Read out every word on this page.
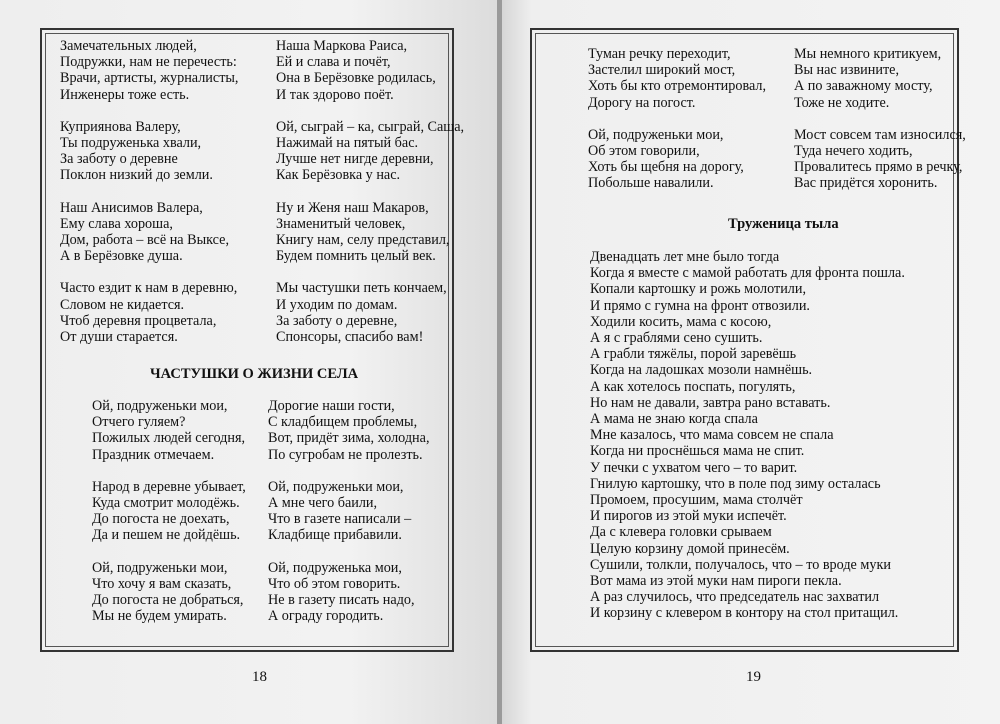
Замечательных людей,
Подружки, нам не перечесть:
Врачи, артисты, журналисты,
Инженеры тоже есть.
Куприянова Валеру,
Ты подруженька хвали,
За заботу о деревне
Поклон низкий до земли.
Наш Анисимов Валера,
Ему слава хороша,
Дом, работа – всё на Выксе,
А в Берёзовке душа.
Часто ездит к нам в деревню,
Словом не кидается.
Чтоб деревня процветала,
От души старается.
Наша Маркова Раиса,
Ей и слава и почёт,
Она в Берёзовке родилась,
И так здорово поёт.
Ой, сыграй – ка, сыграй, Саша,
Нажимай на пятый бас.
Лучше нет нигде деревни,
Как Берёзовка у нас.
Ну и Женя наш Макаров,
Знаменитый человек,
Книгу нам, селу представил,
Будем помнить целый век.
Мы частушки петь кончаем,
И уходим по домам.
За заботу о деревне,
Спонсоры, спасибо вам!
ЧАСТУШКИ О ЖИЗНИ СЕЛА
Ой, подруженьки мои,
Отчего гуляем?
Пожилых людей сегодня,
Праздник отмечаем.
Народ в деревне убывает,
Куда смотрит молодёжь.
До погоста не доехать,
Да и пешем не дойдёшь.
Ой, подруженьки мои,
Что хочу я вам сказать,
До погоста не добраться,
Мы не будем умирать.
Дорогие наши гости,
С кладбищем проблемы,
Вот, придёт зима, холодна,
По сугробам не пролезть.
Ой, подруженьки мои,
А мне чего баили,
Что в газете написали –
Кладбище прибавили.
Ой, подруженька мои,
Что об этом говорить.
Не в газету писать надо,
А ограду городить.
18
Туман речку переходит,
Застелил широкий мост,
Хоть бы кто отремонтировал,
Дорогу на погост.
Ой, подруженьки мои,
Об этом говорили,
Хоть бы щебня на дорогу,
Побольше навалили.
Мы немного критикуем,
Вы нас извините,
А по заважному мосту,
Тоже не ходите.
Мост совсем там износился,
Туда нечего ходить,
Провалитесь прямо в речку,
Вас придётся хоронить.
Труженица тыла
Двенадцать лет мне было тогда
Когда я вместе с мамой работать для фронта пошла.
Копали картошку и рожь молотили,
И прямо с гумна на фронт отвозили.
Ходили косить, мама с косою,
А я с граблями сено сушить.
А грабли тяжёлы, порой заревёшь
Когда на ладошках мозоли намнёшь.
А как хотелось поспать, погулять,
Но нам не давали, завтра рано вставать.
А мама не знаю когда спала
Мне казалось, что мама совсем не спала
Когда ни проснёшься мама не спит.
У печки с ухватом чего – то варит.
Гнилую картошку, что в поле под зиму осталась
Промоем, просушим, мама столчёт
И пирогов из этой муки испечёт.
Да с клевера головки срываем
Целую корзину домой принесём.
Сушили, толкли, получалось, что – то вроде муки
Вот мама из этой муки нам пироги пекла.
А раз случилось, что председатель нас захватил
И корзину с клевером в контору на стол притащил.
19
